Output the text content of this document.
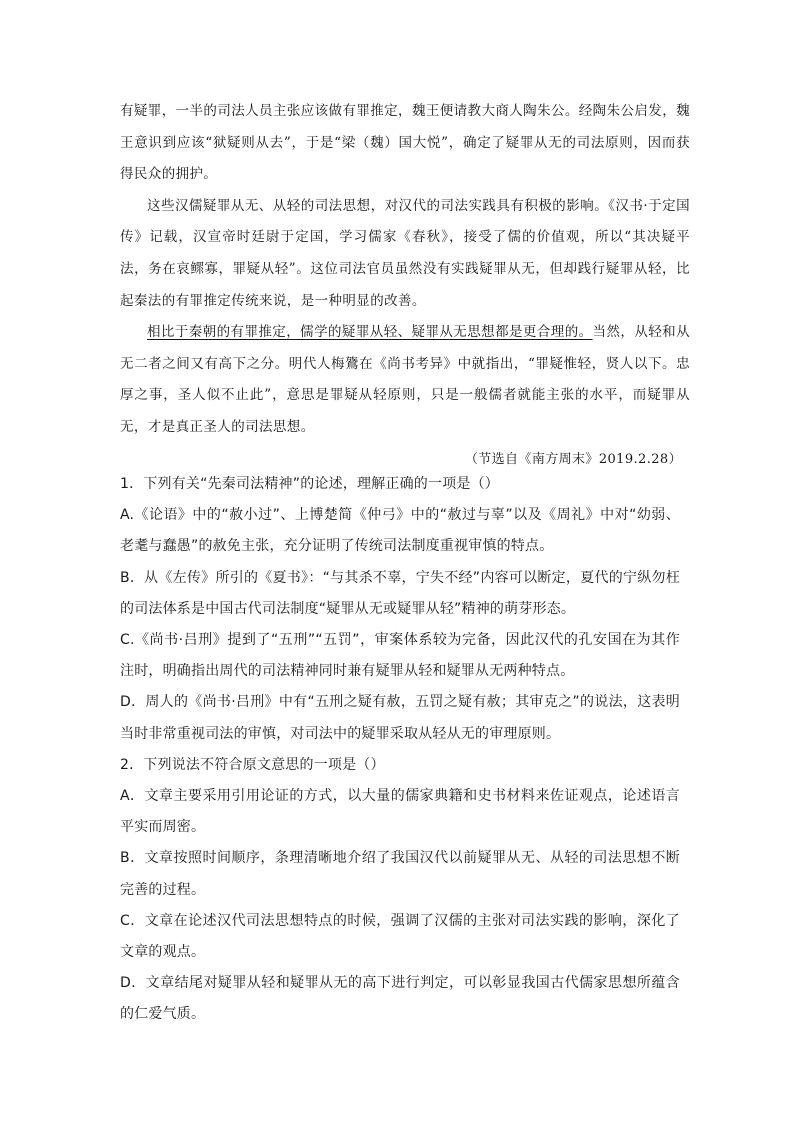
有疑罪，一半的司法人员主张应该做有罪推定，魏王便请教大商人陶朱公。经陶朱公启发，魏王意识到应该“狱疑则从去”，于是“梁（魏）国大悦”，确定了疑罪从无的司法原则，因而获得民众的拥护。

这些汉儒疑罪从无、从轻的司法思想，对汉代的司法实践具有积极的影响。《汉书·于定国传》记载，汉宣帝时廷尉于定国，学习儒家《春秋》，接受了儒的价值观，所以“其决疑平法，务在哀鳏寡，罪疑从轻”。这位司法官员虽然没有实践疑罪从无，但却践行疑罪从轻，比起秦法的有罪推定传统来说，是一种明显的改善。

相比于秦朝的有罪推定，儒学的疑罪从轻、疑罪从无思想都是更合理的。当然，从轻和从无二者之间又有高下之分。明代人梅鷟在《尚书考异》中就指出，“罪疑惟轻，贤人以下。忠厚之事，圣人似不止此”，意思是罪疑从轻原则，只是一般儒者就能主张的水平，而疑罪从无，才是真正圣人的司法思想。

（节选自《南方周末》2019.2.28）

1．下列有关“先秦司法精神”的论述，理解正确的一项是（）

A.《论语》中的“赦小过”、上博楚简《仲弓》中的“赦过与辜”以及《周礼》中对“幼弱、老耄与蠢愚”的赦免主张，充分证明了传统司法制度重视审慎的特点。

B．从《左传》所引的《夏书》：“与其杀不辜，宁失不经”内容可以断定，夏代的宁纵勿枉的司法体系是中国古代司法制度“疑罪从无或疑罪从轻”精神的萌芽形态。

C.《尚书·吕刑》提到了“五刑”“五罚”，审案体系较为完备，因此汉代的孔安国在为其作注时，明确指出周代的司法精神同时兼有疑罪从轻和疑罪从无两种特点。

D．周人的《尚书·吕刑》中有“五刑之疑有赦，五罚之疑有赦；其审克之”的说法，这表明当时非常重视司法的审慎，对司法中的疑罪采取从轻从无的审理原则。

2．下列说法不符合原文意思的一项是（）

A．文章主要采用引用论证的方式，以大量的儒家典籍和史书材料来佐证观点，论述语言平实而周密。

B．文章按照时间顺序，条理清晰地介绍了我国汉代以前疑罪从无、从轻的司法思想不断完善的过程。

C．文章在论述汉代司法思想特点的时候，强调了汉儒的主张对司法实践的影响，深化了文章的观点。

D．文章结尾对疑罪从轻和疑罪从无的高下进行判定，可以彰显我国古代儒家思想所蕴含的仁爱气质。
